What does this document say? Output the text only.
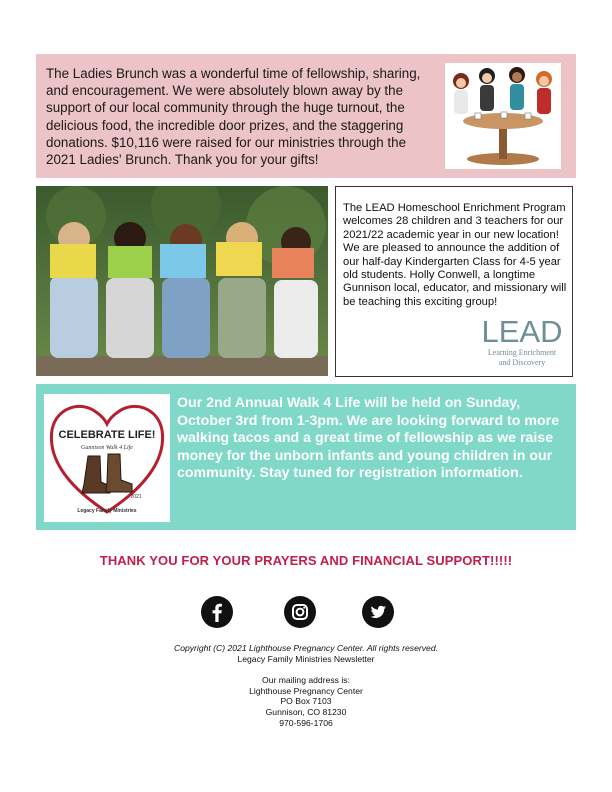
The Ladies Brunch was a wonderful time of fellowship, sharing, and encouragement. We were absolutely blown away by the support of our local community through the huge turnout, the delicious food, the incredible door prizes, and the staggering donations. $10,116 were raised for our ministries through the 2021 Ladies' Brunch. Thank you for your gifts!
The LEAD Homeschool Enrichment Program welcomes 28 children and 3 teachers for our 2021/22 academic year in our new location! We are pleased to announce the addition of our half-day Kindergarten Class for 4-5 year old students. Holly Conwell, a longtime Gunnison local, educator, and missionary will be teaching this exciting group!
LEAD
Learning Enrichment
and Discovery
CELEBRATE LIFE!
Gunnison Walk 4 Life
2021
Legacy Family Ministries
Our 2nd Annual Walk 4 Life will be held on Sunday, October 3rd from 1-3pm. We are looking forward to more walking tacos and a great time of fellowship as we raise money for the unborn infants and young children in our community. Stay tuned for registration information.
THANK YOU FOR YOUR PRAYERS AND FINANCIAL SUPPORT!!!!!
Copyright (C) 2021 Lighthouse Pregnancy Center. All rights reserved.
Legacy Family Ministries Newsletter
Our mailing address is:
Lighthouse Pregnancy Center
PO Box 7103
Gunnison, CO 81230
970-596-1706
